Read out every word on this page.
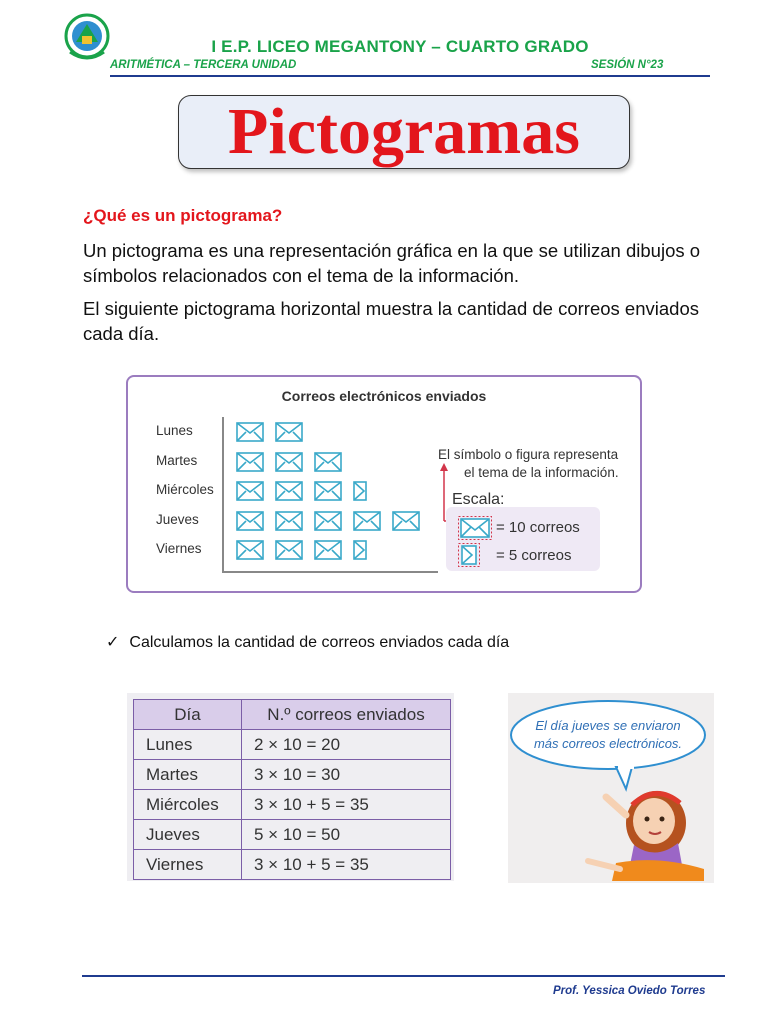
I E.P. LICEO MEGANTONY – CUARTO GRADO
ARITMÉTICA – TERCERA UNIDAD	SESIÓN N°23
Pictogramas
¿Qué es un pictograma?
Un pictograma es una representación gráfica en la que se utilizan dibujos o símbolos relacionados con el tema de la información.
El siguiente pictograma horizontal muestra la cantidad de correos enviados cada día.
Correos electrónicos enviados
Lunes
Martes
Miércoles
Jueves
Viernes
El símbolo o figura representa
el tema de la información.
Escala:
= 10 correos
= 5 correos
✓ Calculamos la cantidad de correos enviados cada día
Día	N.º correos enviados
Lunes	2 × 10 = 20
Martes	3 × 10 = 30
Miércoles	3 × 10 + 5 = 35
Jueves	5 × 10 = 50
Viernes	3 × 10 + 5 = 35
El día jueves se enviaron
más correos electrónicos.
Prof. Yessica Oviedo Torres
